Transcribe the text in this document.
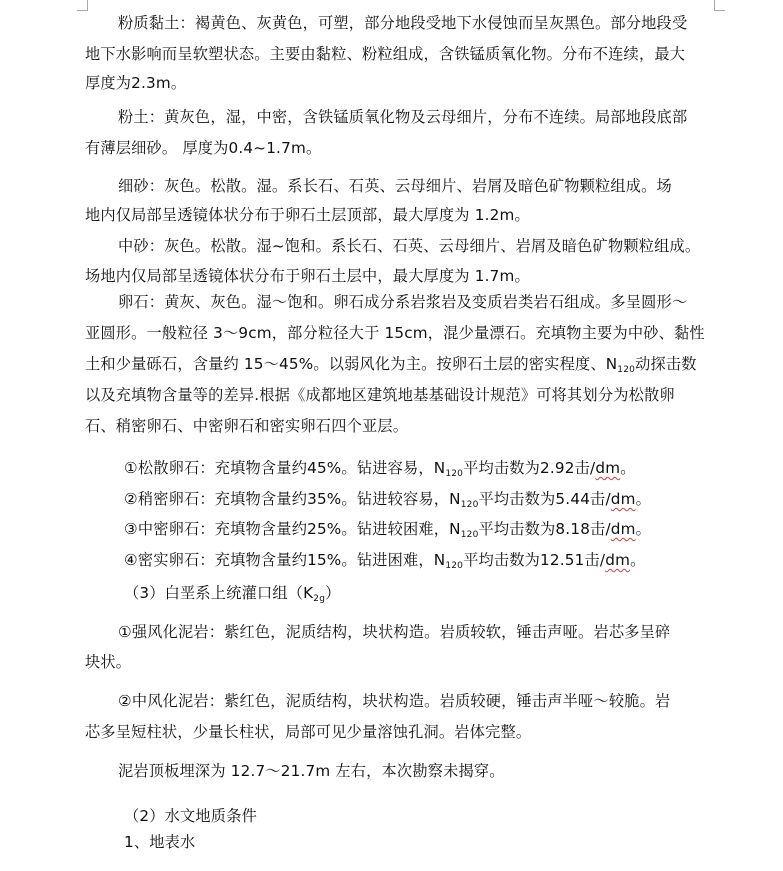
粉质黏土：褐黄色、灰黄色，可塑，部分地段受地下水侵蚀而呈灰黑色。部分地段受
地下水影响而呈软塑状态。主要由黏粒、粉粒组成，含铁锰质氧化物。分布不连续，最大
厚度为2.3m。
粉土：黄灰色，湿，中密，含铁锰质氧化物及云母细片，分布不连续。局部地段底部
有薄层细砂。 厚度为0.4~1.7m。
细砂：灰色。松散。湿。系长石、石英、云母细片、岩屑及暗色矿物颗粒组成。场
地内仅局部呈透镜体状分布于卵石土层顶部，最大厚度为 1.2m。
中砂：灰色。松散。湿~饱和。系长石、石英、云母细片、岩屑及暗色矿物颗粒组成。
场地内仅局部呈透镜体状分布于卵石土层中，最大厚度为 1.7m。
卵石：黄灰、灰色。湿～饱和。卵石成分系岩浆岩及变质岩类岩石组成。多呈圆形～
亚圆形。一般粒径 3～9cm，部分粒径大于 15cm，混少量漂石。充填物主要为中砂、黏性
土和少量砾石，含量约 15～45%。以弱风化为主。按卵石土层的密实程度、N120动探击数
以及充填物含量等的差异.根据《成都地区建筑地基基础设计规范》可将其划分为松散卵
石、稍密卵石、中密卵石和密实卵石四个亚层。
①松散卵石：充填物含量约45%。钻进容易，N120平均击数为2.92击/dm。
②稍密卵石：充填物含量约35%。钻进较容易，N120平均击数为5.44击/dm。
③中密卵石：充填物含量约25%。钻进较困难，N120平均击数为8.18击/dm。
④密实卵石：充填物含量约15%。钻进困难，N120平均击数为12.51击/dm。
（3）白垩系上统灌口组（K2g）
①强风化泥岩：紫红色，泥质结构，块状构造。岩质较软，锤击声哑。岩芯多呈碎
块状。
②中风化泥岩：紫红色，泥质结构，块状构造。岩质较硬，锤击声半哑～较脆。岩
芯多呈短柱状，少量长柱状，局部可见少量溶蚀孔洞。岩体完整。
泥岩顶板埋深为 12.7～21.7m 左右，本次勘察未揭穿。
（2）水文地质条件
1、地表水
